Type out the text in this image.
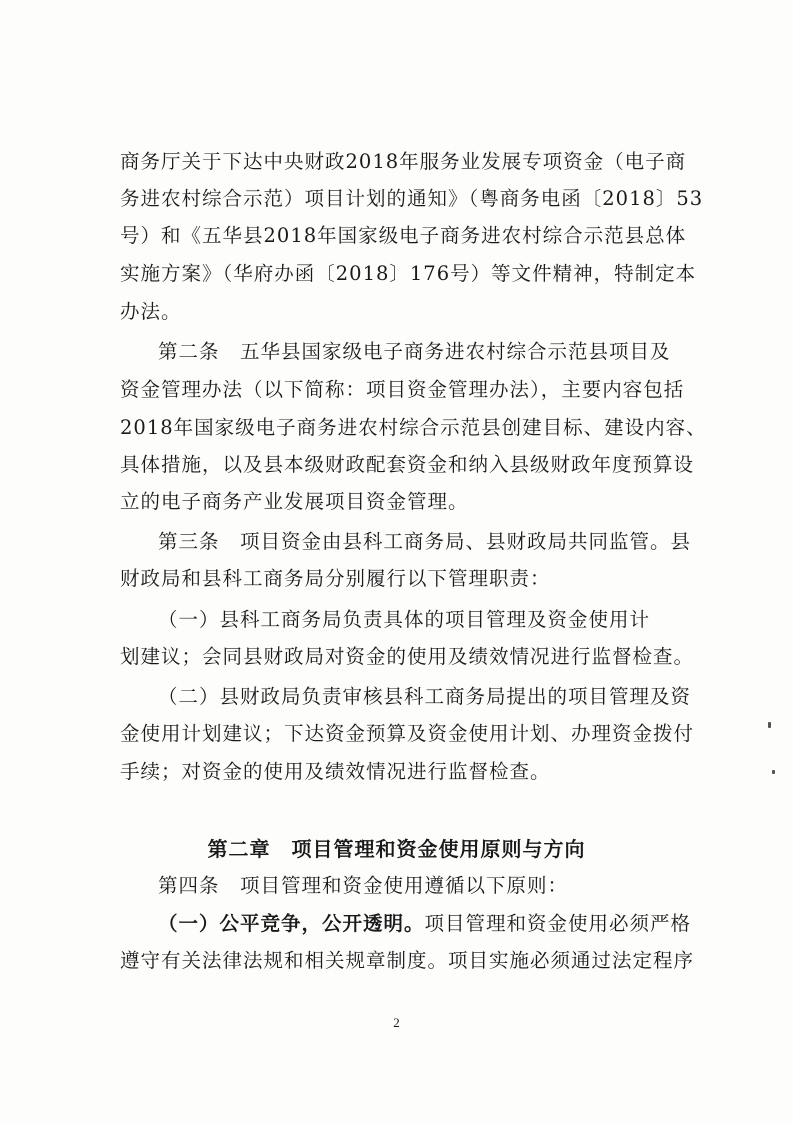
商务厅关于下达中央财政2018年服务业发展专项资金（电子商
务进农村综合示范）项目计划的通知》（粤商务电函〔2018〕53
号）和《五华县2018年国家级电子商务进农村综合示范县总体
实施方案》（华府办函〔2018〕176号）等文件精神，特制定本
办法。
第二条　五华县国家级电子商务进农村综合示范县项目及
资金管理办法（以下简称：项目资金管理办法），主要内容包括
2018年国家级电子商务进农村综合示范县创建目标、建设内容、
具体措施，以及县本级财政配套资金和纳入县级财政年度预算设
立的电子商务产业发展项目资金管理。
第三条　项目资金由县科工商务局、县财政局共同监管。县
财政局和县科工商务局分别履行以下管理职责：
（一）县科工商务局负责具体的项目管理及资金使用计
划建议；会同县财政局对资金的使用及绩效情况进行监督检查。
（二）县财政局负责审核县科工商务局提出的项目管理及资
金使用计划建议；下达资金预算及资金使用计划、办理资金拨付
手续；对资金的使用及绩效情况进行监督检查。
第二章　项目管理和资金使用原则与方向
第四条　项目管理和资金使用遵循以下原则：
（一）公平竞争，公开透明。项目管理和资金使用必须严格
遵守有关法律法规和相关规章制度。项目实施必须通过法定程序
2
